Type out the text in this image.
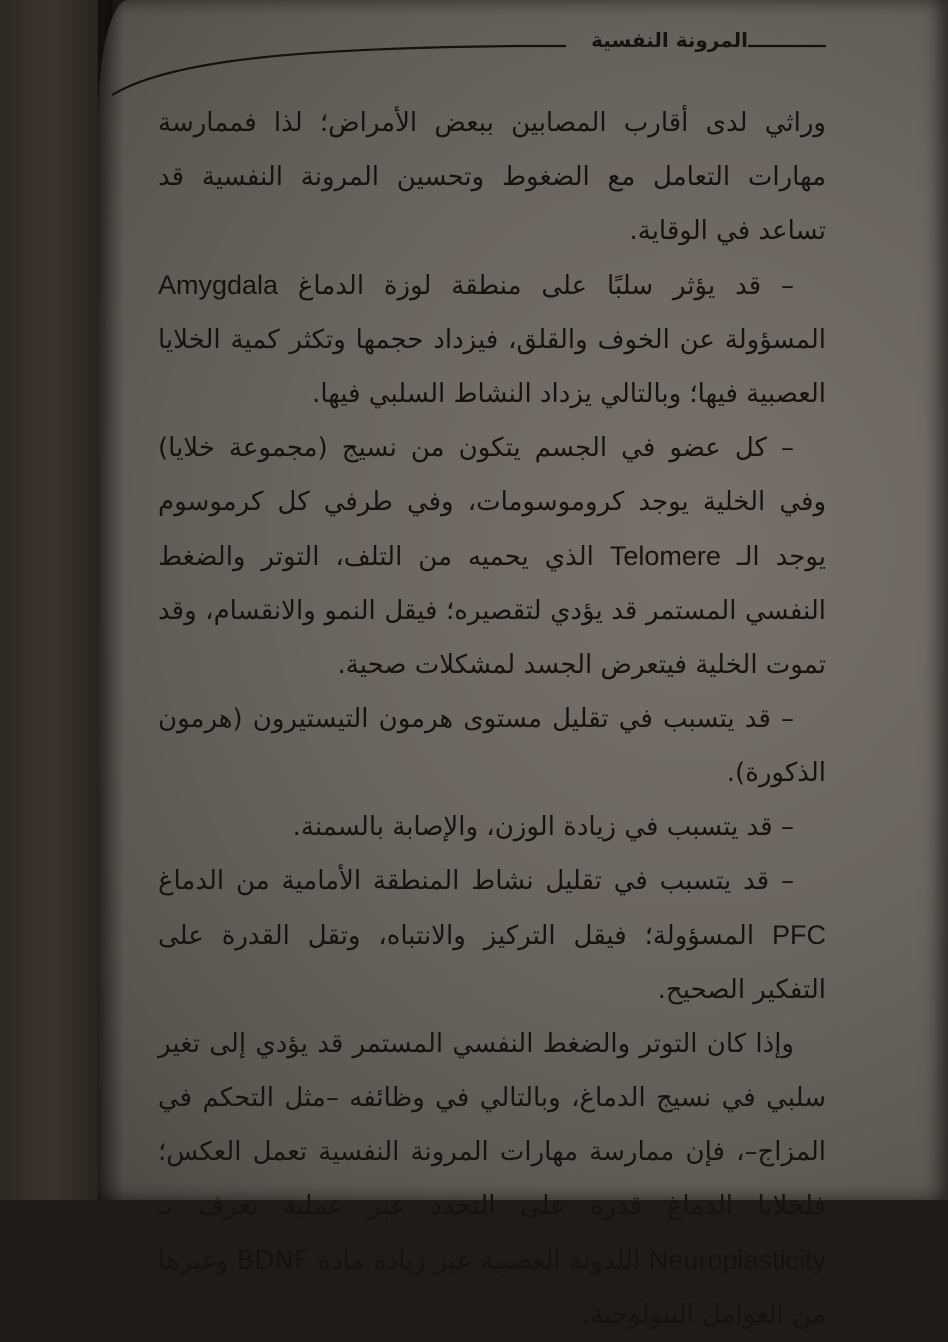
المرونة النفسية

وراثي لدى أقارب المصابين ببعض الأمراض؛ لذا فممارسة مهارات التعامل مع الضغوط وتحسين المرونة النفسية قد تساعد في الوقاية.

– قد يؤثر سلبًا على منطقة لوزة الدماغ Amygdala المسؤولة عن الخوف والقلق، فيزداد حجمها وتكثر كمية الخلايا العصبية فيها؛ وبالتالي يزداد النشاط السلبي فيها.

– كل عضو في الجسم يتكون من نسيج (مجموعة خلايا) وفي الخلية يوجد كروموسومات، وفي طرفي كل كرموسوم يوجد الـ Telomere الذي يحميه من التلف، التوتر والضغط النفسي المستمر قد يؤدي لتقصيره؛ فيقل النمو والانقسام، وقد تموت الخلية فيتعرض الجسد لمشكلات صحية.

– قد يتسبب في تقليل مستوى هرمون التيستيرون (هرمون الذكورة).

– قد يتسبب في زيادة الوزن، والإصابة بالسمنة.

– قد يتسبب في تقليل نشاط المنطقة الأمامية من الدماغ PFC المسؤولة؛ فيقل التركيز والانتباه، وتقل القدرة على التفكير الصحيح.

وإذا كان التوتر والضغط النفسي المستمر قد يؤدي إلى تغير سلبي في نسيج الدماغ، وبالتالي في وظائفه –مثل التحكم في المزاج–، فإن ممارسة مهارات المرونة النفسية تعمل العكس؛ فلخلايا الدماغ قدرة على التجدد عبر عملية تعرف بـ Neuroplasticity اللدونة العصبية عبر زيادة مادة BDNF وغيرها من العوامل البيولوجية.
